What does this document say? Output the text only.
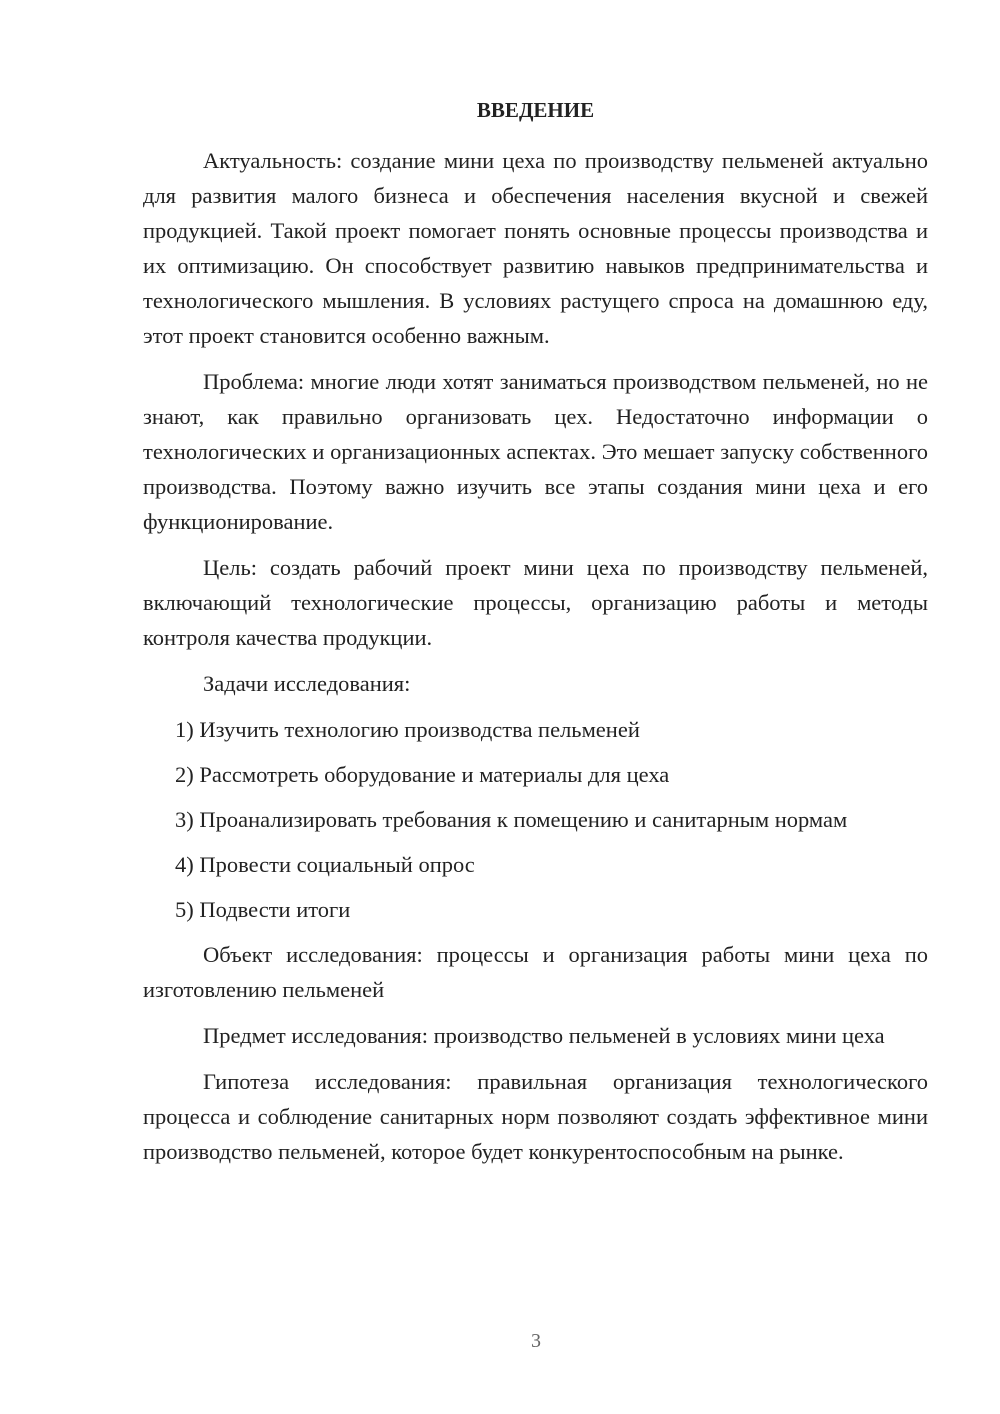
ВВЕДЕНИЕ

Актуальность: создание мини цеха по производству пельменей актуально для развития малого бизнеса и обеспечения населения вкусной и свежей продукцией. Такой проект помогает понять основные процессы производства и их оптимизацию. Он способствует развитию навыков предпринимательства и технологического мышления. В условиях растущего спроса на домашнюю еду, этот проект становится особенно важным.

Проблема: многие люди хотят заниматься производством пельменей, но не знают, как правильно организовать цех. Недостаточно информации о технологических и организационных аспектах. Это мешает запуску собственного производства. Поэтому важно изучить все этапы создания мини цеха и его функционирование.

Цель: создать рабочий проект мини цеха по производству пельменей, включающий технологические процессы, организацию работы и методы контроля качества продукции.

Задачи исследования:

1) Изучить технологию производства пельменей
2) Рассмотреть оборудование и материалы для цеха
3) Проанализировать требования к помещению и санитарным нормам
4) Провести социальный опрос
5) Подвести итоги

Объект исследования: процессы и организация работы мини цеха по изготовлению пельменей

Предмет исследования: производство пельменей в условиях мини цеха

Гипотеза исследования: правильная организация технологического процесса и соблюдение санитарных норм позволяют создать эффективное мини производство пельменей, которое будет конкурентоспособным на рынке.

3
